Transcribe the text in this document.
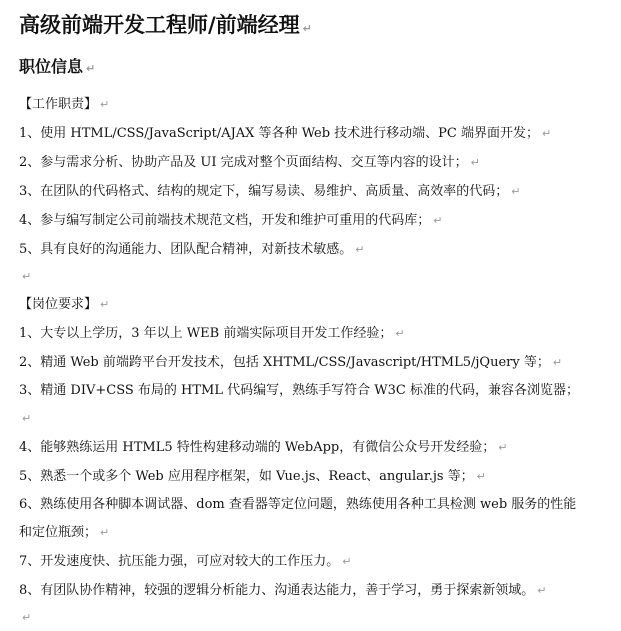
高级前端开发工程师/前端经理 ↵
职位信息 ↵
【工作职责】 ↵
1、使用 HTML/CSS/JavaScript/AJAX 等各种 Web 技术进行移动端、PC 端界面开发； ↵
2、参与需求分析、协助产品及 UI 完成对整个页面结构、交互等内容的设计； ↵
3、在团队的代码格式、结构的规定下，编写易读、易维护、高质量、高效率的代码； ↵
4、参与编写制定公司前端技术规范文档，开发和维护可重用的代码库； ↵
5、具有良好的沟通能力、团队配合精神，对新技术敏感。 ↵
↵
【岗位要求】 ↵
1、大专以上学历，3 年以上 WEB 前端实际项目开发工作经验； ↵
2、精通 Web 前端跨平台开发技术，包括 XHTML/CSS/Javascript/HTML5/jQuery 等； ↵
3、精通 DIV+CSS 布局的 HTML 代码编写，熟练手写符合 W3C 标准的代码，兼容各浏览器；↵
4、能够熟练运用 HTML5 特性构建移动端的 WebApp，有微信公众号开发经验； ↵
5、熟悉一个或多个 Web 应用程序框架，如 Vue.js、React、angular.js 等； ↵
6、熟练使用各种脚本调试器、dom 查看器等定位问题，熟练使用各种工具检测 web 服务的性能和定位瓶颈； ↵
7、开发速度快、抗压能力强，可应对较大的工作压力。 ↵
8、有团队协作精神，较强的逻辑分析能力、沟通表达能力，善于学习，勇于探索新领域。 ↵
↵
